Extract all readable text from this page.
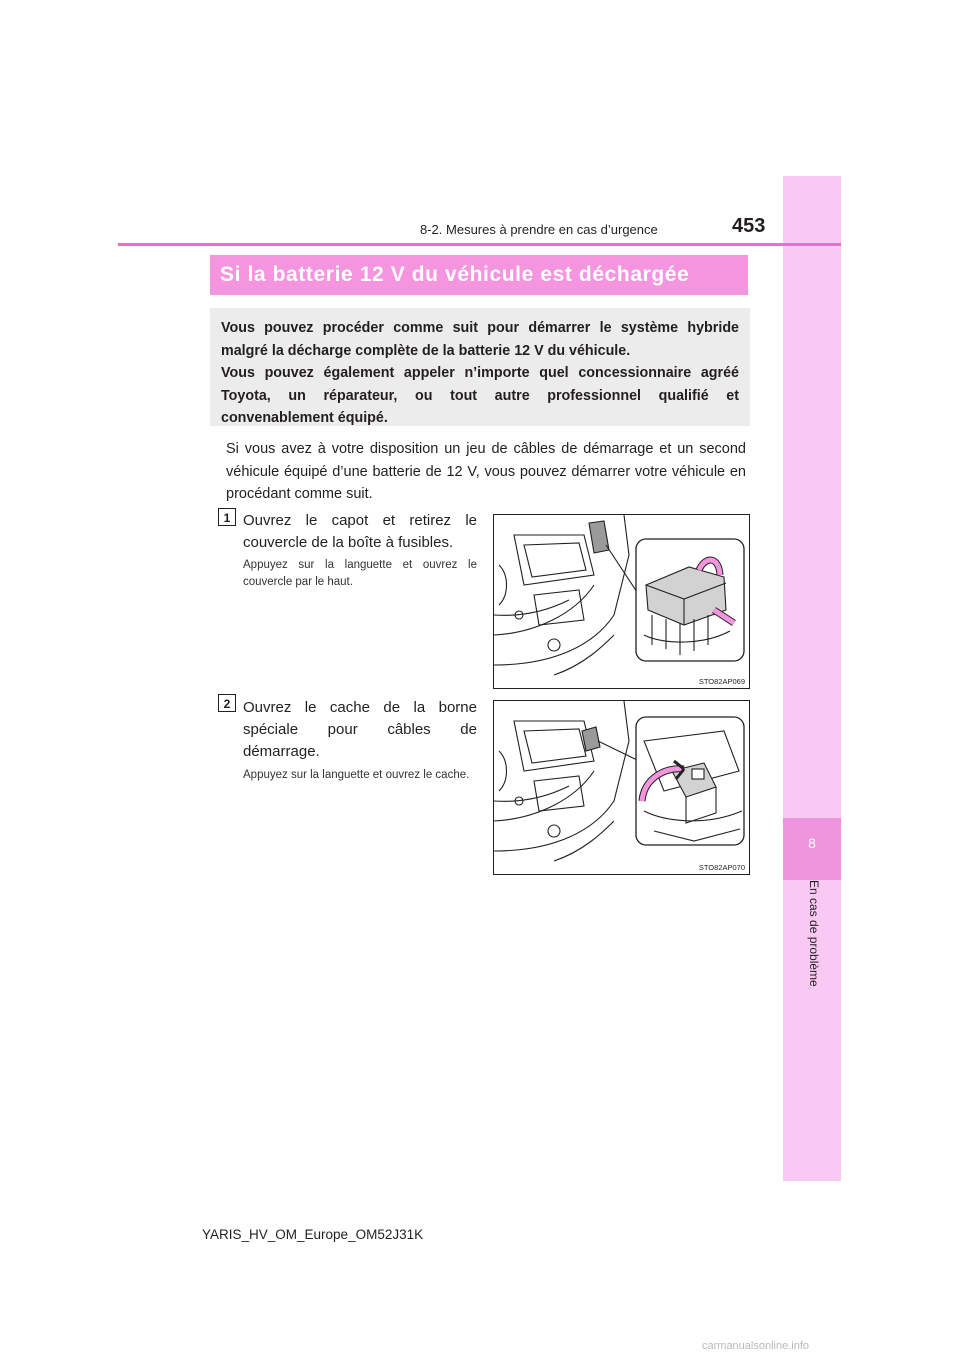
8
En cas de problème
8-2. Mesures à prendre en cas d’urgence	453
Si la batterie 12 V du véhicule est déchargée

Vous pouvez procéder comme suit pour démarrer le système hybride malgré la décharge complète de la batterie 12 V du véhicule.

Vous pouvez également appeler n’importe quel concessionnaire agréé Toyota, un réparateur, ou tout autre professionnel qualifié et convenablement équipé.

Si vous avez à votre disposition un jeu de câbles de démarrage et un second véhicule équipé d’une batterie de 12 V, vous pouvez démarrer votre véhicule en procédant comme suit.
1 Ouvrez le capot et retirez le couvercle de la boîte à fusibles.
Appuyez sur la languette et ouvrez le couvercle par le haut.
STO82AP069
2 Ouvrez le cache de la borne spéciale pour câbles de démarrage.
Appuyez sur la languette et ouvrez le cache.
STO82AP070
YARIS_HV_OM_Europe_OM52J31K
carmanualsonline.info
